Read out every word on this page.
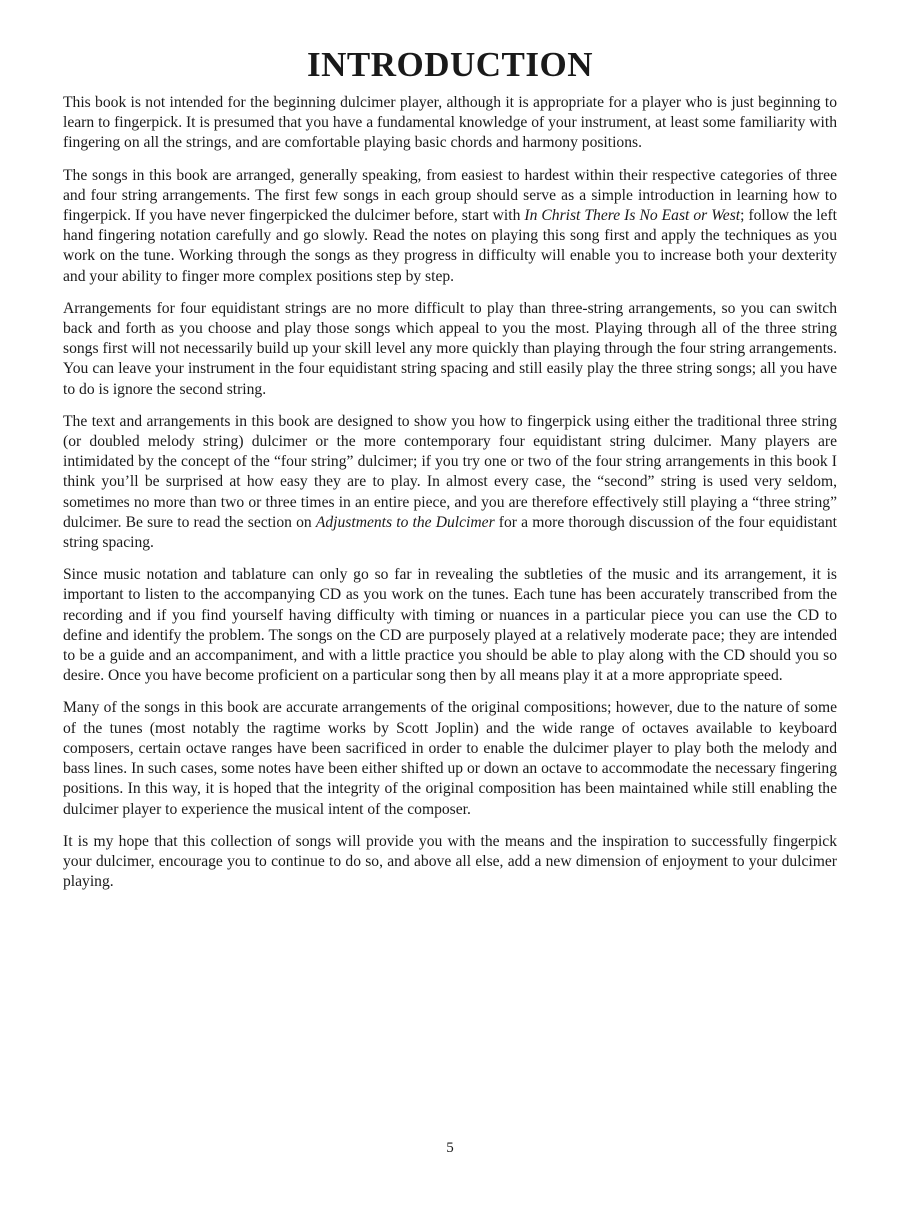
INTRODUCTION

This book is not intended for the beginning dulcimer player, although it is appropriate for a player who is just beginning to learn to fingerpick. It is presumed that you have a fundamental knowledge of your instrument, at least some familiarity with fingering on all the strings, and are comfortable playing basic chords and harmony positions.

The songs in this book are arranged, generally speaking, from easiest to hardest within their respective categories of three and four string arrangements. The first few songs in each group should serve as a simple introduction in learning how to fingerpick. If you have never fingerpicked the dulcimer before, start with In Christ There Is No East or West; follow the left hand fingering notation carefully and go slowly. Read the notes on playing this song first and apply the techniques as you work on the tune. Working through the songs as they progress in difficulty will enable you to increase both your dexterity and your ability to finger more complex positions step by step.

Arrangements for four equidistant strings are no more difficult to play than three-string arrangements, so you can switch back and forth as you choose and play those songs which appeal to you the most. Playing through all of the three string songs first will not necessarily build up your skill level any more quickly than playing through the four string arrangements. You can leave your instrument in the four equidistant string spacing and still easily play the three string songs; all you have to do is ignore the second string.

The text and arrangements in this book are designed to show you how to fingerpick using either the traditional three string (or doubled melody string) dulcimer or the more contemporary four equidistant string dulcimer. Many players are intimidated by the concept of the “four string” dulcimer; if you try one or two of the four string arrangements in this book I think you’ll be surprised at how easy they are to play. In almost every case, the “second” string is used very seldom, sometimes no more than two or three times in an entire piece, and you are therefore effectively still playing a “three string” dulcimer. Be sure to read the section on Adjustments to the Dulcimer for a more thorough discussion of the four equidistant string spacing.

Since music notation and tablature can only go so far in revealing the subtleties of the music and its arrangement, it is important to listen to the accompanying CD as you work on the tunes. Each tune has been accurately transcribed from the recording and if you find yourself having difficulty with timing or nuances in a particular piece you can use the CD to define and identify the problem. The songs on the CD are purposely played at a relatively moderate pace; they are intended to be a guide and an accompaniment, and with a little practice you should be able to play along with the CD should you so desire. Once you have become proficient on a particular song then by all means play it at a more appropriate speed.

Many of the songs in this book are accurate arrangements of the original compositions; however, due to the nature of some of the tunes (most notably the ragtime works by Scott Joplin) and the wide range of octaves available to keyboard composers, certain octave ranges have been sacrificed in order to enable the dulcimer player to play both the melody and bass lines. In such cases, some notes have been either shifted up or down an octave to accommodate the necessary fingering positions. In this way, it is hoped that the integrity of the original composition has been maintained while still enabling the dulcimer player to experience the musical intent of the composer.

It is my hope that this collection of songs will provide you with the means and the inspiration to successfully fingerpick your dulcimer, encourage you to continue to do so, and above all else, add a new dimension of enjoyment to your dulcimer playing.

5
